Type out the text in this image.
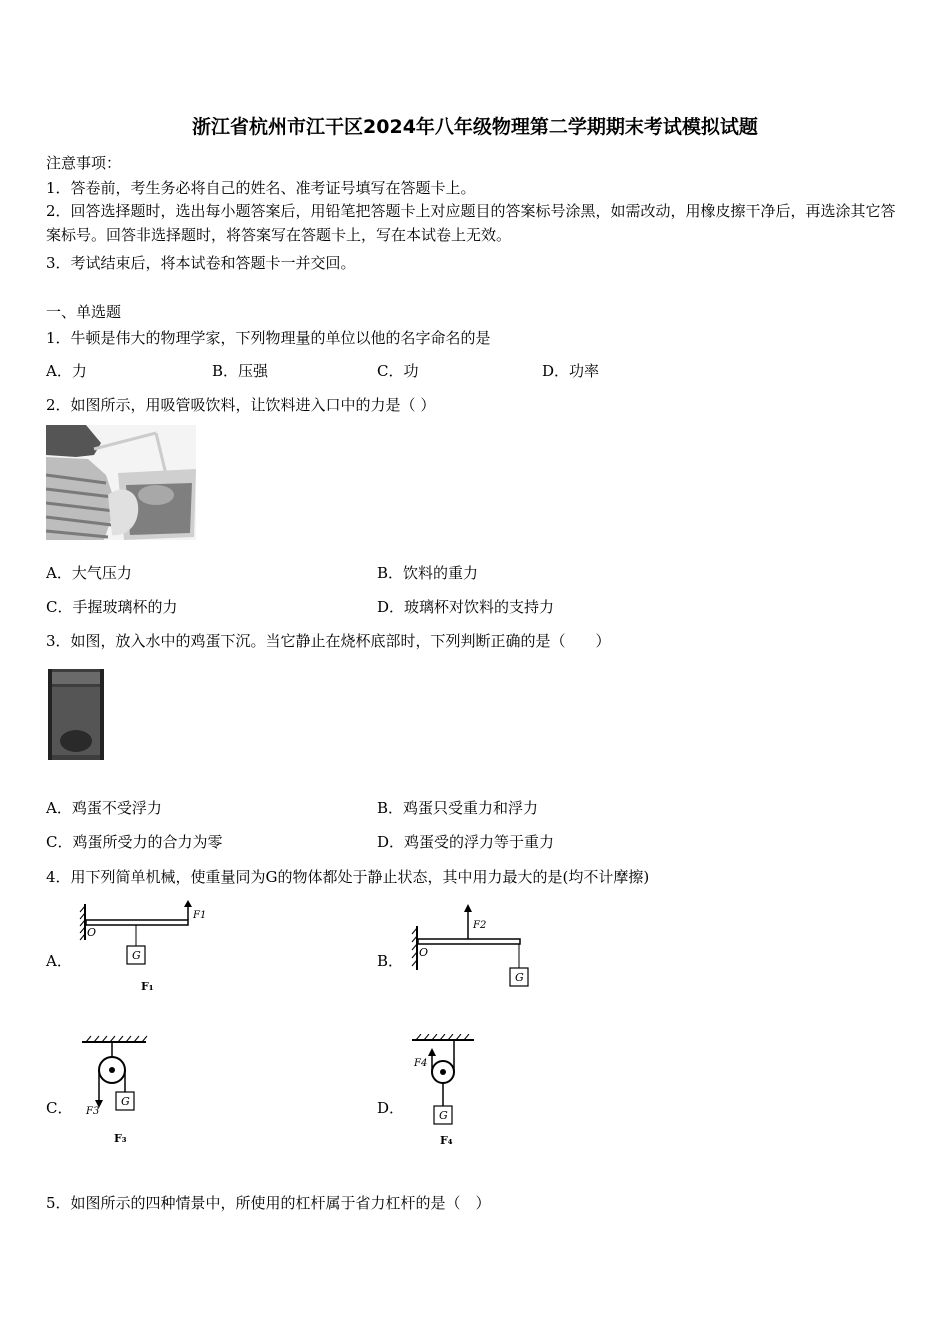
浙江省杭州市江干区2024年八年级物理第二学期期末考试模拟试题
注意事项：
1．答卷前，考生务必将自己的姓名、准考证号填写在答题卡上。
2．回答选择题时，选出每小题答案后，用铅笔把答题卡上对应题目的答案标号涂黑，如需改动，用橡皮擦干净后，再选涂其它答案标号。回答非选择题时，将答案写在答题卡上，写在本试卷上无效。
3．考试结束后，将本试卷和答题卡一并交回。
一、单选题
1．牛顿是伟大的物理学家，下列物理量的单位以他的名字命名的是
A．力	B．压强	C．功	D．功率
2．如图所示，用吸管吸饮料，让饮料进入口中的力是（ ）
A．大气压力	B．饮料的重力
C．手握玻璃杯的力	D．玻璃杯对饮料的支持力
3．如图，放入水中的鸡蛋下沉。当它静止在烧杯底部时，下列判断正确的是（　　）
A．鸡蛋不受浮力	B．鸡蛋只受重力和浮力
C．鸡蛋所受力的合力为零	D．鸡蛋受的浮力等于重力
4．用下列简单机械，使重量同为G的物体都处于静止状态，其中用力最大的是(均不计摩擦)
A．
F1
O
G
F₁
B．
F2
O
G
C．	G
F3
F₃
D．
F4
G
F₄
5．如图所示的四种情景中，所使用的杠杆属于省力杠杆的是（　）
